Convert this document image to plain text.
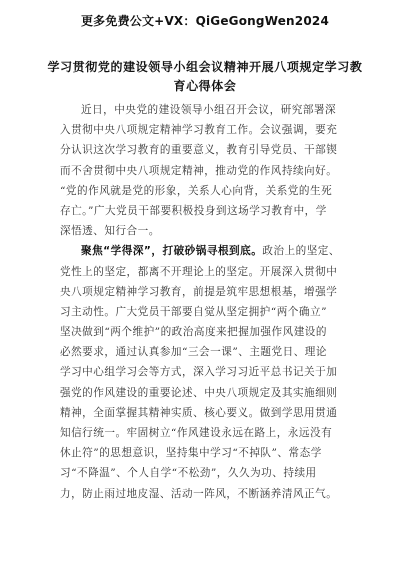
更多免费公文+VX：QiGeGongWen2024
学习贯彻党的建设领导小组会议精神开展八项规定学习教
育心得体会
近日，中央党的建设领导小组召开会议，研究部署深
入贯彻中央八项规定精神学习教育工作。会议强调，要充
分认识这次学习教育的重要意义，教育引导党员、干部锲
而不舍贯彻中央八项规定精神，推动党的作风持续向好。
“党的作风就是党的形象，关系人心向背，关系党的生死
存亡。”广大党员干部要积极投身到这场学习教育中，学
深悟透、知行合一。
聚焦“学得深”，打破砂锅寻根到底。政治上的坚定、
党性上的坚定，都离不开理论上的坚定。开展深入贯彻中
央八项规定精神学习教育，前提是筑牢思想根基，增强学
习主动性。广大党员干部要自觉从坚定拥护“两个确立”
坚决做到“两个维护”的政治高度来把握加强作风建设的
必然要求，通过认真参加“三会一课”、主题党日、理论
学习中心组学习会等方式，深入学习习近平总书记关于加
强党的作风建设的重要论述、中央八项规定及其实施细则
精神，全面掌握其精神实质、核心要义。做到学思用贯通
知信行统一。牢固树立“作风建设永远在路上，永远没有
休止符”的思想意识，坚持集中学习“不掉队”、常态学
习“不降温”、个人自学“不松劲”，久久为功、持续用
力，防止雨过地皮湿、活动一阵风，不断涵养清风正气。
